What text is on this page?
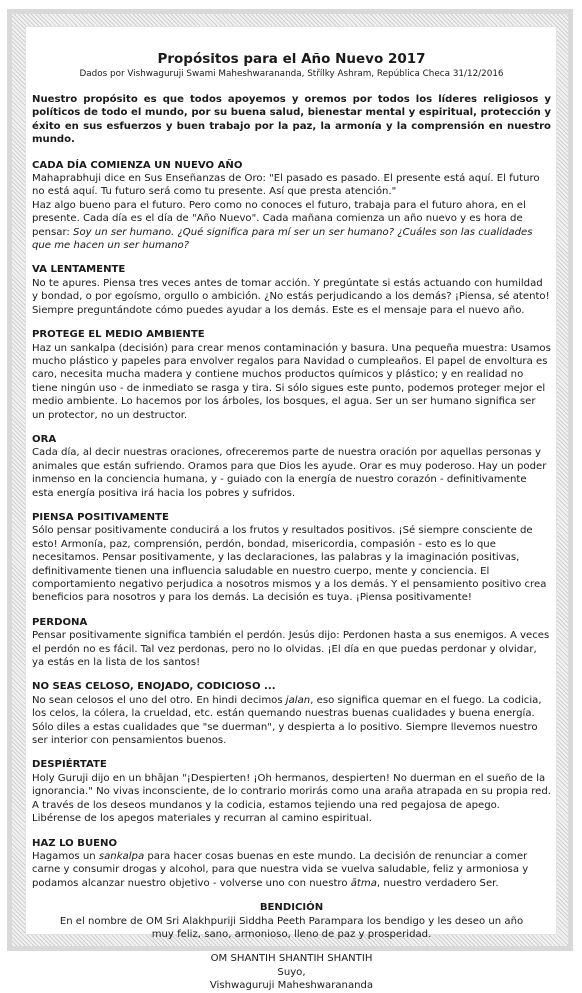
Propósitos para el Año Nuevo 2017

Dados por Vishwaguruji Swami Maheshwarananda, Střílky Ashram, República Checa 31/12/2016

Nuestro propósito es que todos apoyemos y oremos por todos los líderes religiosos y políticos de todo el mundo, por su buena salud, bienestar mental y espiritual, protección y éxito en sus esfuerzos y buen trabajo por la paz, la armonía y la comprensión en nuestro mundo.

CADA DÍA COMIENZA UN NUEVO AÑO

Mahaprabhuji dice en Sus Enseñanzas de Oro: "El pasado es pasado. El presente está aquí. El futuro no está aquí. Tu futuro será como tu presente. Así que presta atención."

Haz algo bueno para el futuro. Pero como no conoces el futuro, trabaja para el futuro ahora, en el presente. Cada día es el día de "Año Nuevo". Cada mañana comienza un año nuevo y es hora de pensar: Soy un ser humano. ¿Qué significa para mí ser un ser humano? ¿Cuáles son las cualidades que me hacen un ser humano?

VA LENTAMENTE

No te apures. Piensa tres veces antes de tomar acción. Y pregúntate si estás actuando con humildad y bondad, o por egoísmo, orgullo o ambición. ¿No estás perjudicando a los demás? ¡Piensa, sé atento! Siempre preguntándote cómo puedes ayudar a los demás. Este es el mensaje para el nuevo año.

PROTEGE EL MEDIO AMBIENTE

Haz un sankalpa (decisión) para crear menos contaminación y basura. Una pequeña muestra: Usamos mucho plástico y papeles para envolver regalos para Navidad o cumpleaños. El papel de envoltura es caro, necesita mucha madera y contiene muchos productos químicos y plástico; y en realidad no tiene ningún uso - de inmediato se rasga y tira. Si sólo sigues este punto, podemos proteger mejor el medio ambiente. Lo hacemos por los árboles, los bosques, el agua. Ser un ser humano significa ser un protector, no un destructor.

ORA

Cada día, al decir nuestras oraciones, ofreceremos parte de nuestra oración por aquellas personas y animales que están sufriendo. Oramos para que Dios les ayude. Orar es muy poderoso. Hay un poder inmenso en la conciencia humana, y - guiado con la energía de nuestro corazón - definitivamente esta energía positiva irá hacia los pobres y sufridos.

PIENSA POSITIVAMENTE

Sólo pensar positivamente conducirá a los frutos y resultados positivos. ¡Sé siempre consciente de esto! Armonía, paz, comprensión, perdón, bondad, misericordia, compasión - esto es lo que necesitamos. Pensar positivamente, y las declaraciones, las palabras y la imaginación positivas, definitivamente tienen una influencia saludable en nuestro cuerpo, mente y conciencia. El comportamiento negativo perjudica a nosotros mismos y a los demás. Y el pensamiento positivo crea beneficios para nosotros y para los demás. La decisión es tuya. ¡Piensa positivamente!

PERDONA

Pensar positivamente significa también el perdón. Jesús dijo: Perdonen hasta a sus enemigos. A veces el perdón no es fácil. Tal vez perdonas, pero no lo olvidas. ¡El día en que puedas perdonar y olvidar, ya estás en la lista de los santos!

NO SEAS CELOSO, ENOJADO, CODICIOSO ...

No sean celosos el uno del otro. En hindi decimos jalan, eso significa quemar en el fuego. La codicia, los celos, la cólera, la crueldad, etc. están quemando nuestras buenas cualidades y buena energía. Sólo diles a estas cualidades que "se duerman", y despierta a lo positivo. Siempre llevemos nuestro ser interior con pensamientos buenos.

DESPIÉRTATE

Holy Guruji dijo en un bhājan "¡Despierten! ¡Oh hermanos, despierten! No duerman en el sueño de la ignorancia." No vivas inconsciente, de lo contrario morirás como una araña atrapada en su propia red. A través de los deseos mundanos y la codicia, estamos tejiendo una red pegajosa de apego. Libérense de los apegos materiales y recurran al camino espiritual.

HAZ LO BUENO

Hagamos un sankalpa para hacer cosas buenas en este mundo. La decisión de renunciar a comer carne y consumir drogas y alcohol, para que nuestra vida se vuelva saludable, feliz y armoniosa y podamos alcanzar nuestro objetivo - volverse uno con nuestro ātma, nuestro verdadero Ser.

BENDICIÓN
En el nombre de OM Sri Alakhpuriji Siddha Peeth Parampara los bendigo y les deseo un año
muy feliz, sano, armonioso, lleno de paz y prosperidad.
OM SHANTIH SHANTIH SHANTIH
Suyo,
Vishwaguruji Maheshwarananda
